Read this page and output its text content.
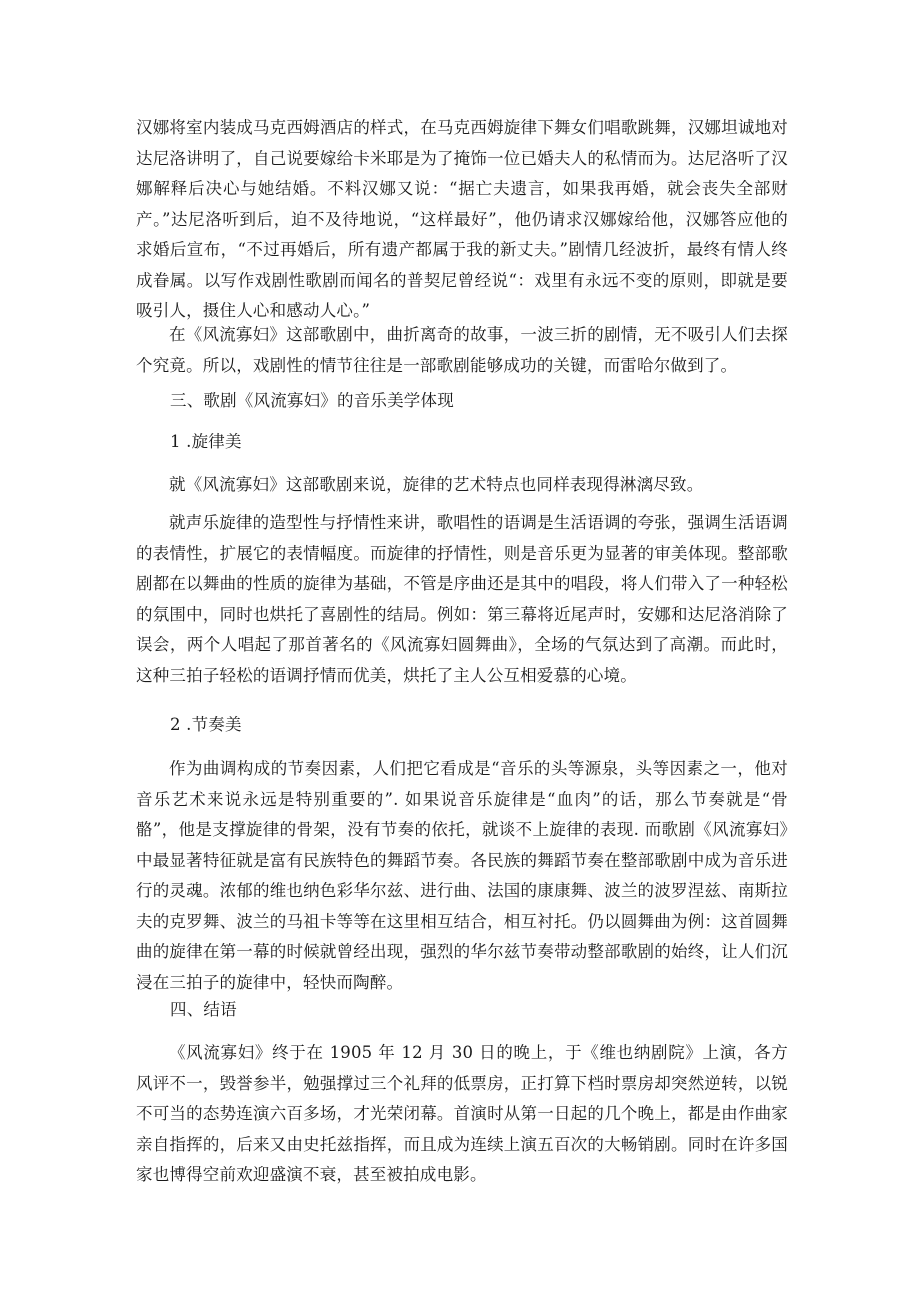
汉娜将室内装成马克西姆酒店的样式，在马克西姆旋律下舞女们唱歌跳舞，汉娜坦诚地对达尼洛讲明了，自己说要嫁给卡米耶是为了掩饰一位已婚夫人的私情而为。达尼洛听了汉娜解释后决心与她结婚。不料汉娜又说：“据亡夫遗言，如果我再婚，就会丧失全部财产。”达尼洛听到后，迫不及待地说，“这样最好”，他仍请求汉娜嫁给他，汉娜答应他的求婚后宣布，“不过再婚后，所有遗产都属于我的新丈夫。”剧情几经波折，最终有情人终成眷属。以写作戏剧性歌剧而闻名的普契尼曾经说“：戏里有永远不变的原则，即就是要吸引人，摄住人心和感动人心。”

在《风流寡妇》这部歌剧中，曲折离奇的故事，一波三折的剧情，无不吸引人们去探个究竟。所以，戏剧性的情节往往是一部歌剧能够成功的关键，而雷哈尔做到了。

三、歌剧《风流寡妇》的音乐美学体现

1 .旋律美

就《风流寡妇》这部歌剧来说，旋律的艺术特点也同样表现得淋漓尽致。

就声乐旋律的造型性与抒情性来讲，歌唱性的语调是生活语调的夸张，强调生活语调的表情性，扩展它的表情幅度。而旋律的抒情性，则是音乐更为显著的审美体现。整部歌剧都在以舞曲的性质的旋律为基础，不管是序曲还是其中的唱段，将人们带入了一种轻松的氛围中，同时也烘托了喜剧性的结局。例如：第三幕将近尾声时，安娜和达尼洛消除了误会，两个人唱起了那首著名的《风流寡妇圆舞曲》，全场的气氛达到了高潮。而此时，这种三拍子轻松的语调抒情而优美，烘托了主人公互相爱慕的心境。

2 .节奏美

作为曲调构成的节奏因素，人们把它看成是“音乐的头等源泉，头等因素之一，他对音乐艺术来说永远是特别重要的”. 如果说音乐旋律是“血肉”的话，那么节奏就是“骨骼”，他是支撑旋律的骨架，没有节奏的依托，就谈不上旋律的表现. 而歌剧《风流寡妇》中最显著特征就是富有民族特色的舞蹈节奏。各民族的舞蹈节奏在整部歌剧中成为音乐进行的灵魂。浓郁的维也纳色彩华尔兹、进行曲、法国的康康舞、波兰的波罗涅兹、南斯拉夫的克罗舞、波兰的马祖卡等等在这里相互结合，相互衬托。仍以圆舞曲为例：这首圆舞曲的旋律在第一幕的时候就曾经出现，强烈的华尔兹节奏带动整部歌剧的始终，让人们沉浸在三拍子的旋律中，轻快而陶醉。

四、结语

《风流寡妇》终于在 1905 年 12 月 30 日的晚上，于《维也纳剧院》上演，各方风评不一，毁誉参半，勉强撑过三个礼拜的低票房，正打算下档时票房却突然逆转，以锐不可当的态势连演六百多场，才光荣闭幕。首演时从第一日起的几个晚上，都是由作曲家亲自指挥的，后来又由史托兹指挥，而且成为连续上演五百次的大畅销剧。同时在许多国家也博得空前欢迎盛演不衰，甚至被拍成电影。
